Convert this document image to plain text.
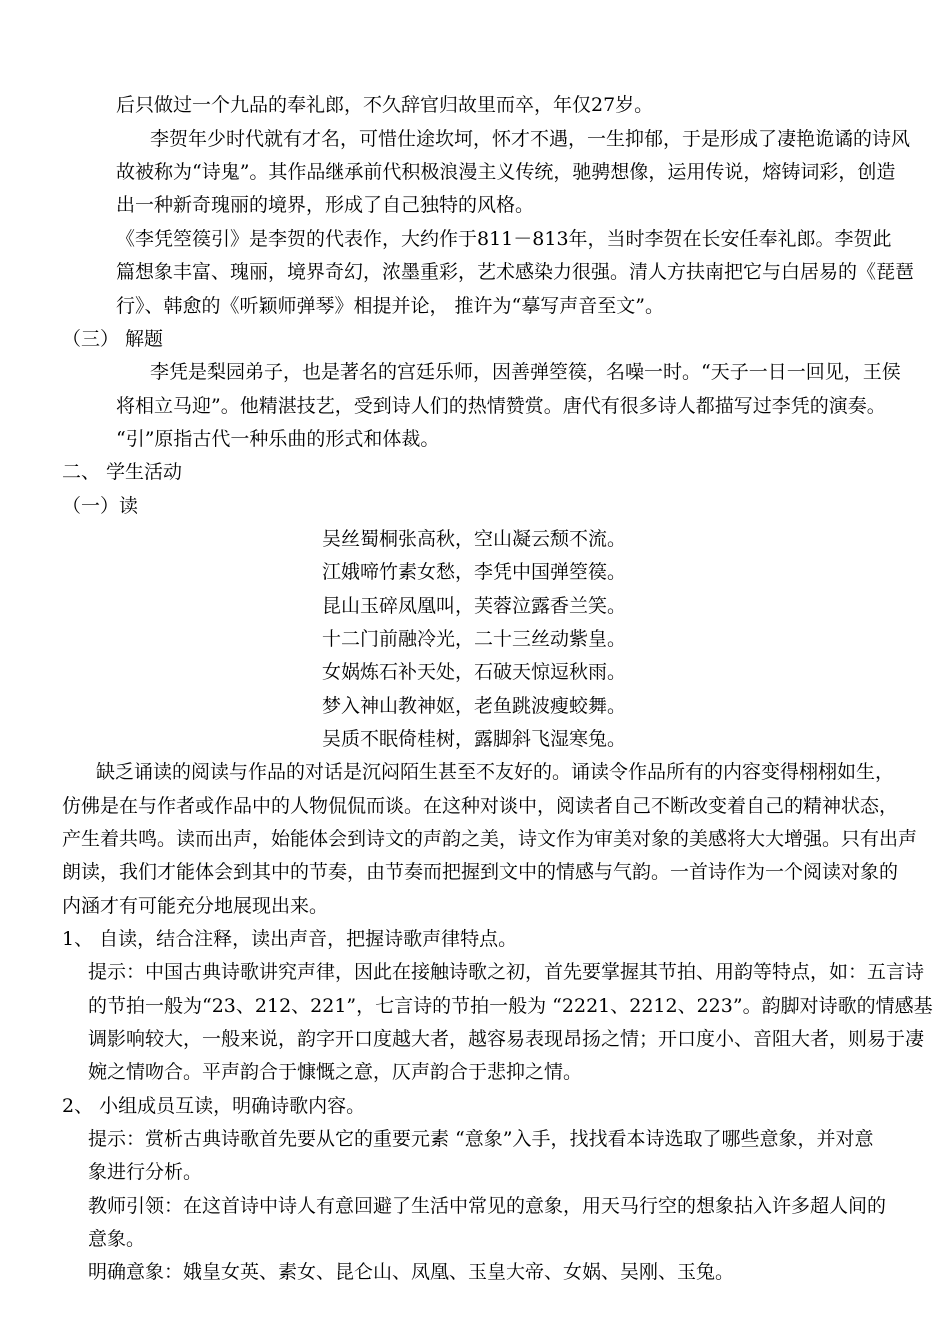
后只做过一个九品的奉礼郎，不久辞官归故里而卒，年仅27岁。
李贺年少时代就有才名，可惜仕途坎坷，怀才不遇，一生抑郁，于是形成了凄艳诡谲的诗风
故被称为“诗鬼”。其作品继承前代积极浪漫主义传统，驰骋想像，运用传说，熔铸词彩，创造
出一种新奇瑰丽的境界，形成了自己独特的风格。
《李凭箜篌引》是李贺的代表作，大约作于811－813年，当时李贺在长安任奉礼郎。李贺此
篇想象丰富、瑰丽，境界奇幻，浓墨重彩，艺术感染力很强。清人方扶南把它与白居易的《琵琶
行》、韩愈的《听颖师弹琴》相提并论， 推许为“摹写声音至文”。
（三） 解题
李凭是梨园弟子，也是著名的宫廷乐师，因善弹箜篌，名噪一时。“天子一日一回见，王侯
将相立马迎”。他精湛技艺，受到诗人们的热情赞赏。唐代有很多诗人都描写过李凭的演奏。
“引”原指古代一种乐曲的形式和体裁。
二、 学生活动
（一）读
吴丝蜀桐张高秋，空山凝云颓不流。
江娥啼竹素女愁，李凭中国弹箜篌。
昆山玉碎凤凰叫，芙蓉泣露香兰笑。
十二门前融冷光，二十三丝动紫皇。
女娲炼石补天处，石破天惊逗秋雨。
梦入神山教神妪，老鱼跳波瘦蛟舞。
吴质不眠倚桂树，露脚斜飞湿寒兔。
缺乏诵读的阅读与作品的对话是沉闷陌生甚至不友好的。诵读令作品所有的内容变得栩栩如生，
仿佛是在与作者或作品中的人物侃侃而谈。在这种对谈中，阅读者自己不断改变着自己的精神状态，
产生着共鸣。读而出声，始能体会到诗文的声韵之美，诗文作为审美对象的美感将大大增强。只有出声
朗读，我们才能体会到其中的节奏，由节奏而把握到文中的情感与气韵。一首诗作为一个阅读对象的
内涵才有可能充分地展现出来。
1、 自读，结合注释，读出声音，把握诗歌声律特点。
提示：中国古典诗歌讲究声律，因此在接触诗歌之初，首先要掌握其节拍、用韵等特点，如：五言诗
的节拍一般为“23、212、221”，七言诗的节拍一般为 “2221、2212、223”。韵脚对诗歌的情感基
调影响较大，一般来说，韵字开口度越大者，越容易表现昂扬之情；开口度小、音阻大者，则易于凄
婉之情吻合。平声韵合于慷慨之意，仄声韵合于悲抑之情。
2、 小组成员互读，明确诗歌内容。
提示：赏析古典诗歌首先要从它的重要元素 “意象”入手，找找看本诗选取了哪些意象，并对意
象进行分析。
教师引领：在这首诗中诗人有意回避了生活中常见的意象，用天马行空的想象拈入许多超人间的
意象。
明确意象：娥皇女英、素女、昆仑山、凤凰、玉皇大帝、女娲、吴刚、玉兔。
